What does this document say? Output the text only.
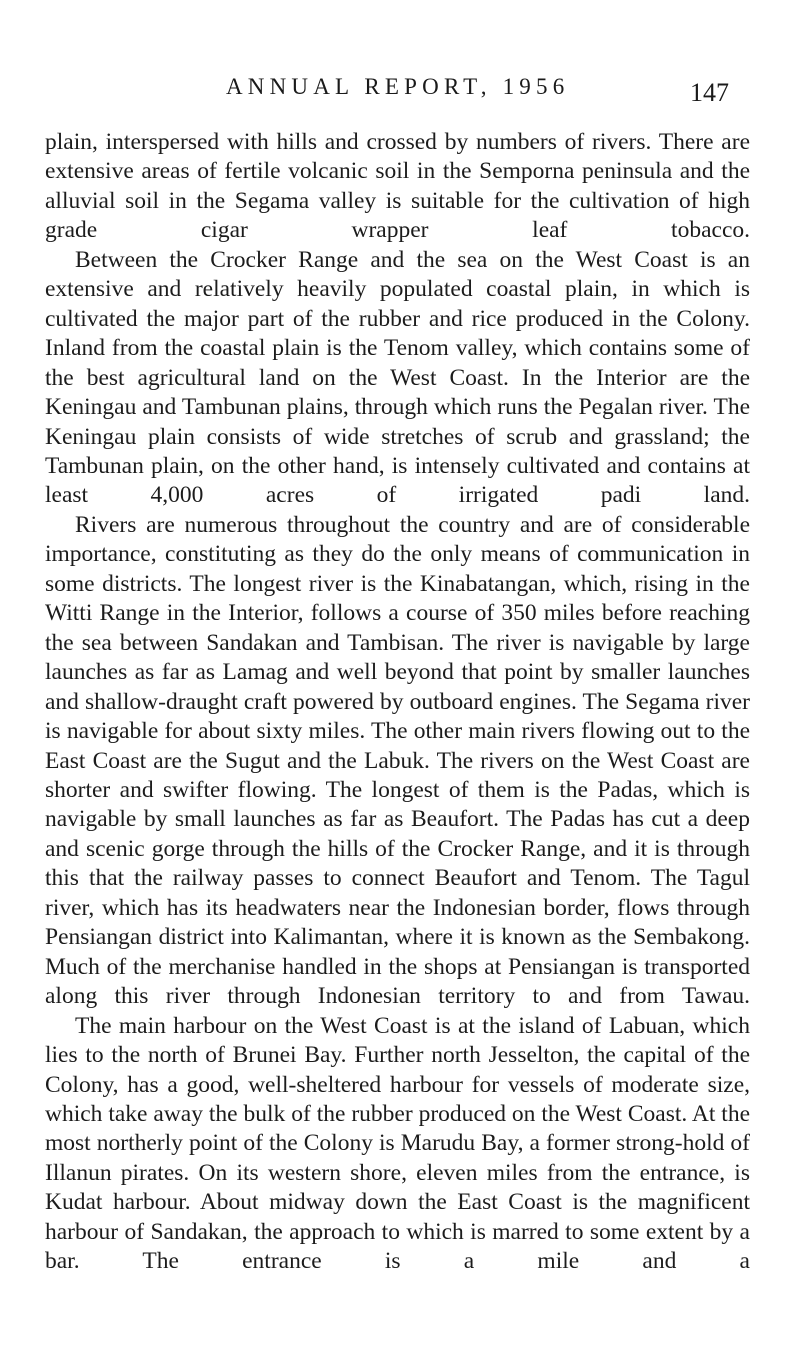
ANNUAL REPORT, 1956	147

plain, interspersed with hills and crossed by numbers of rivers. There are extensive areas of fertile volcanic soil in the Semporna peninsula and the alluvial soil in the Segama valley is suitable for the cultivation of high grade cigar wrapper leaf tobacco.

Between the Crocker Range and the sea on the West Coast is an extensive and relatively heavily populated coastal plain, in which is cultivated the major part of the rubber and rice produced in the Colony. Inland from the coastal plain is the Tenom valley, which contains some of the best agricultural land on the West Coast. In the Interior are the Keningau and Tambunan plains, through which runs the Pegalan river. The Keningau plain consists of wide stretches of scrub and grassland; the Tambunan plain, on the other hand, is intensely cultivated and contains at least 4,000 acres of irrigated padi land.

Rivers are numerous throughout the country and are of considerable importance, constituting as they do the only means of communication in some districts. The longest river is the Kinabatangan, which, rising in the Witti Range in the Interior, follows a course of 350 miles before reaching the sea between Sandakan and Tambisan. The river is navigable by large launches as far as Lamag and well beyond that point by smaller launches and shallow-draught craft powered by outboard engines. The Segama river is navigable for about sixty miles. The other main rivers flowing out to the East Coast are the Sugut and the Labuk. The rivers on the West Coast are shorter and swifter flowing. The longest of them is the Padas, which is navigable by small launches as far as Beaufort. The Padas has cut a deep and scenic gorge through the hills of the Crocker Range, and it is through this that the railway passes to connect Beaufort and Tenom. The Tagul river, which has its headwaters near the Indonesian border, flows through Pensiangan district into Kalimantan, where it is known as the Sembakong. Much of the merchanise handled in the shops at Pensiangan is transported along this river through Indonesian territory to and from Tawau.

The main harbour on the West Coast is at the island of Labuan, which lies to the north of Brunei Bay. Further north Jesselton, the capital of the Colony, has a good, well-sheltered harbour for vessels of moderate size, which take away the bulk of the rubber produced on the West Coast. At the most northerly point of the Colony is Marudu Bay, a former strong-hold of Illanun pirates. On its western shore, eleven miles from the entrance, is Kudat harbour. About midway down the East Coast is the magnificent harbour of Sandakan, the approach to which is marred to some extent by a bar. The entrance is a mile and a
